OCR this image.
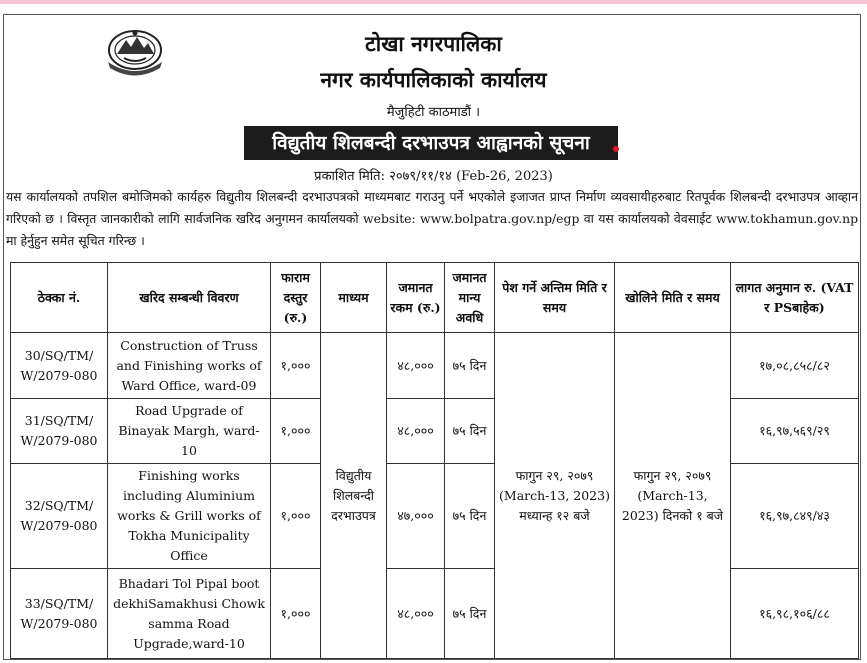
टोखा नगरपालिका
नगर कार्यपालिकाको कार्यालय
मैजुहिटी काठमाडौं ।
विद्युतीय शिलबन्दी दरभाउपत्र आह्वानको सूचना
प्रकाशित मिति: २०७९/११/१४ (Feb-26, 2023)

यस कार्यालयको तपशिल बमोजिमको कार्यहरु विद्युतीय शिलबन्दी दरभाउपत्रको माध्यमबाट गराउनु पर्ने भएकोले इजाजत प्राप्त निर्माण व्यवसायीहरुबाट रितपूर्वक शिलबन्दी दरभाउपत्र आव्हान गरिएको छ । विस्तृत जानकारीको लागि सार्वजनिक खरिद अनुगमन कार्यालयको website: www.bolpatra.gov.np/egp वा यस कार्यालयको वेवसाईट www.tokhamun.gov.np मा हेर्नुहुन समेत सूचित गरिन्छ ।

ठेक्का नं.	खरिद सम्बन्धी विवरण	फाराम दस्तुर (रु.)	माध्यम	जमानत रकम (रु.)	जमानत मान्य अवधि	पेश गर्ने अन्तिम मिति र समय	खोलिने मिति र समय	लागत अनुमान रु. (VAT र PSबाहेक)
30/SQ/TM/ W/2079-080	Construction of Truss and Finishing works of Ward Office, ward-09	१,०००	विद्युतीय शिलबन्दी दरभाउपत्र	४८,०००	७५ दिन	फागुन २९, २०७९ (March-13, 2023) मध्यान्ह १२ बजे	फागुन २९, २०७९ (March-13, 2023) दिनको १ बजे	१७,०८,८५८/८२
31/SQ/TM/ W/2079-080	Road Upgrade of Binayak Margh, ward-10	१,०००		४८,०००	७५ दिन			१६,९७,५६९/२९
32/SQ/TM/ W/2079-080	Finishing works including Aluminium works & Grill works of Tokha Municipality Office	१,०००		४७,०००	७५ दिन			१६,९७,८४९/४३
33/SQ/TM/ W/2079-080	Bhadari Tol Pipal boot dekhiSamakhusi Chowk samma Road Upgrade,ward-10	१,०००		४८,०००	७५ दिन			१६,९८,१०६/८८
